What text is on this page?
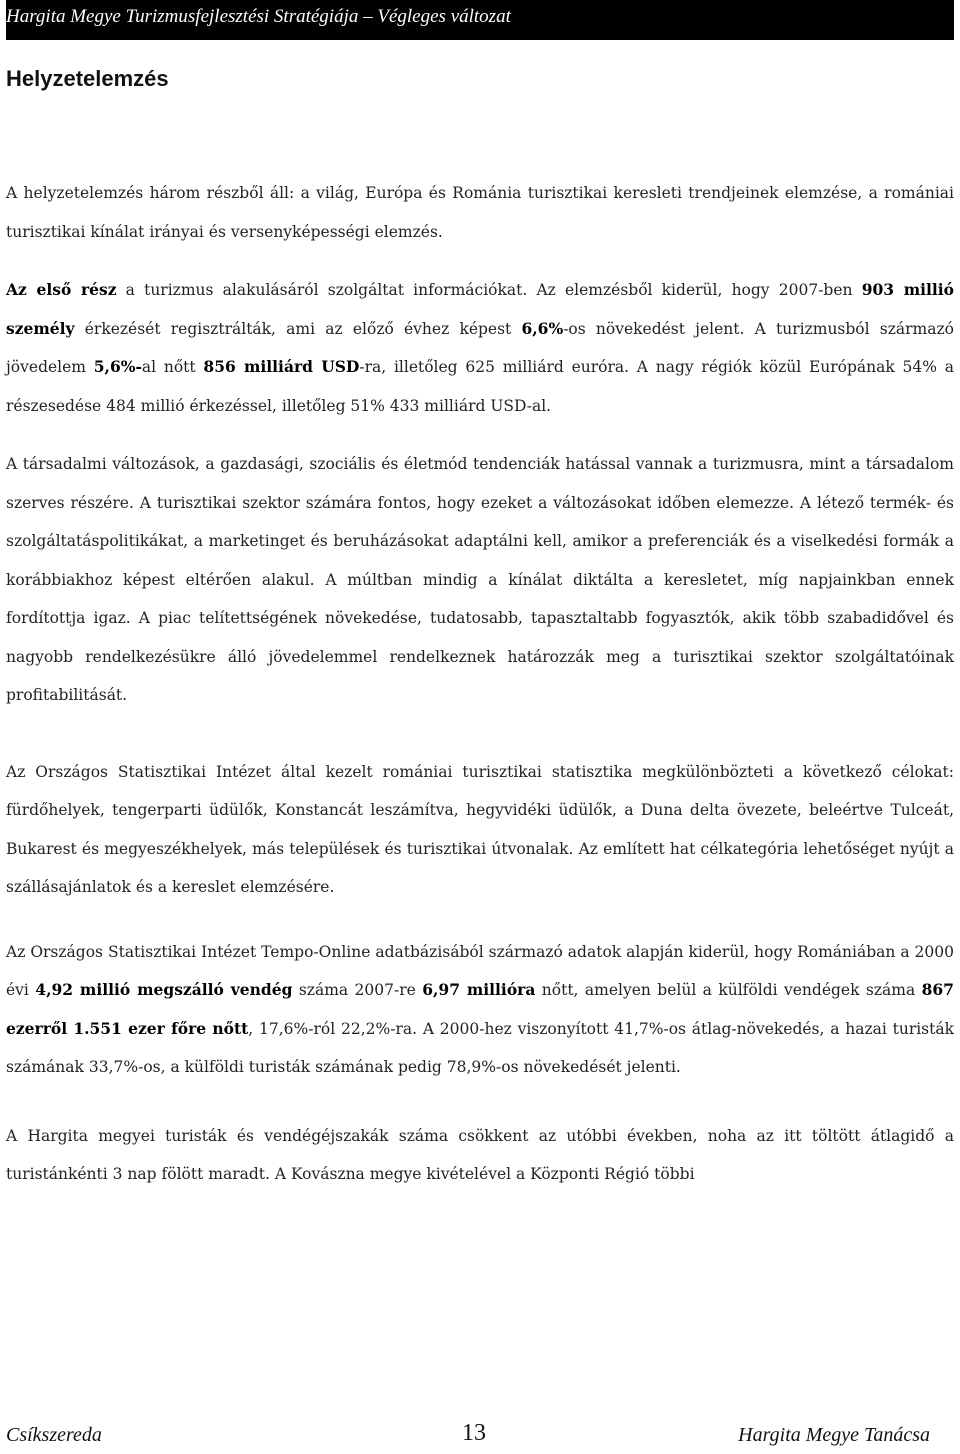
Hargita Megye Turizmusfejlesztési Stratégiája – Végleges változat
Helyzetelemzés

A helyzetelemzés három részből áll: a világ, Európa és Románia turisztikai keresleti trendjeinek elemzése, a romániai turisztikai kínálat irányai és versenyképességi elemzés.

Az első rész a turizmus alakulásáról szolgáltat információkat. Az elemzésből kiderül, hogy 2007-ben 903 millió személy érkezését regisztrálták, ami az előző évhez képest 6,6%-os növekedést jelent. A turizmusból származó jövedelem 5,6%-al nőtt 856 milliárd USD-ra, illetőleg 625 milliárd euróra. A nagy régiók közül Európának 54% a részesedése 484 millió érkezéssel, illetőleg 51% 433 milliárd USD-al.

A társadalmi változások, a gazdasági, szociális és életmód tendenciák hatással vannak a turizmusra, mint a társadalom szerves részére. A turisztikai szektor számára fontos, hogy ezeket a változásokat időben elemezze. A létező termék- és szolgáltatáspolitikákat, a marketinget és beruházásokat adaptálni kell, amikor a preferenciák és a viselkedési formák a korábbiakhoz képest eltérően alakul. A múltban mindig a kínálat diktálta a keresletet, míg napjainkban ennek fordítottja igaz. A piac telítettségének növekedése, tudatosabb, tapasztaltabb fogyasztók, akik több szabadidővel és nagyobb rendelkezésükre álló jövedelemmel rendelkeznek határozzák meg a turisztikai szektor szolgáltatóinak profitabilitását.

Az Országos Statisztikai Intézet által kezelt romániai turisztikai statisztika megkülönbözteti a következő célokat: fürdőhelyek, tengerparti üdülők, Konstancát leszámítva, hegyvidéki üdülők, a Duna delta övezete, beleértve Tulceát, Bukarest és megyeszékhelyek, más települések és turisztikai útvonalak. Az említett hat célkategória lehetőséget nyújt a szállásajánlatok és a kereslet elemzésére.

Az Országos Statisztikai Intézet Tempo-Online adatbázisából származó adatok alapján kiderül, hogy Romániában a 2000 évi 4,92 millió megszálló vendég száma 2007-re 6,97 millióra nőtt, amelyen belül a külföldi vendégek száma 867 ezerről 1.551 ezer főre nőtt, 17,6%-ról 22,2%-ra. A 2000-hez viszonyított 41,7%-os átlag-növekedés, a hazai turisták számának 33,7%-os, a külföldi turisták számának pedig 78,9%-os növekedését jelenti.

A Hargita megyei turisták és vendégéjszakák száma csökkent az utóbbi években, noha az itt töltött átlagidő a turistánkénti 3 nap fölött maradt. A Kovászna megye kivételével a Központi Régió többi

Csíkszereda	13	Hargita Megye Tanácsa
